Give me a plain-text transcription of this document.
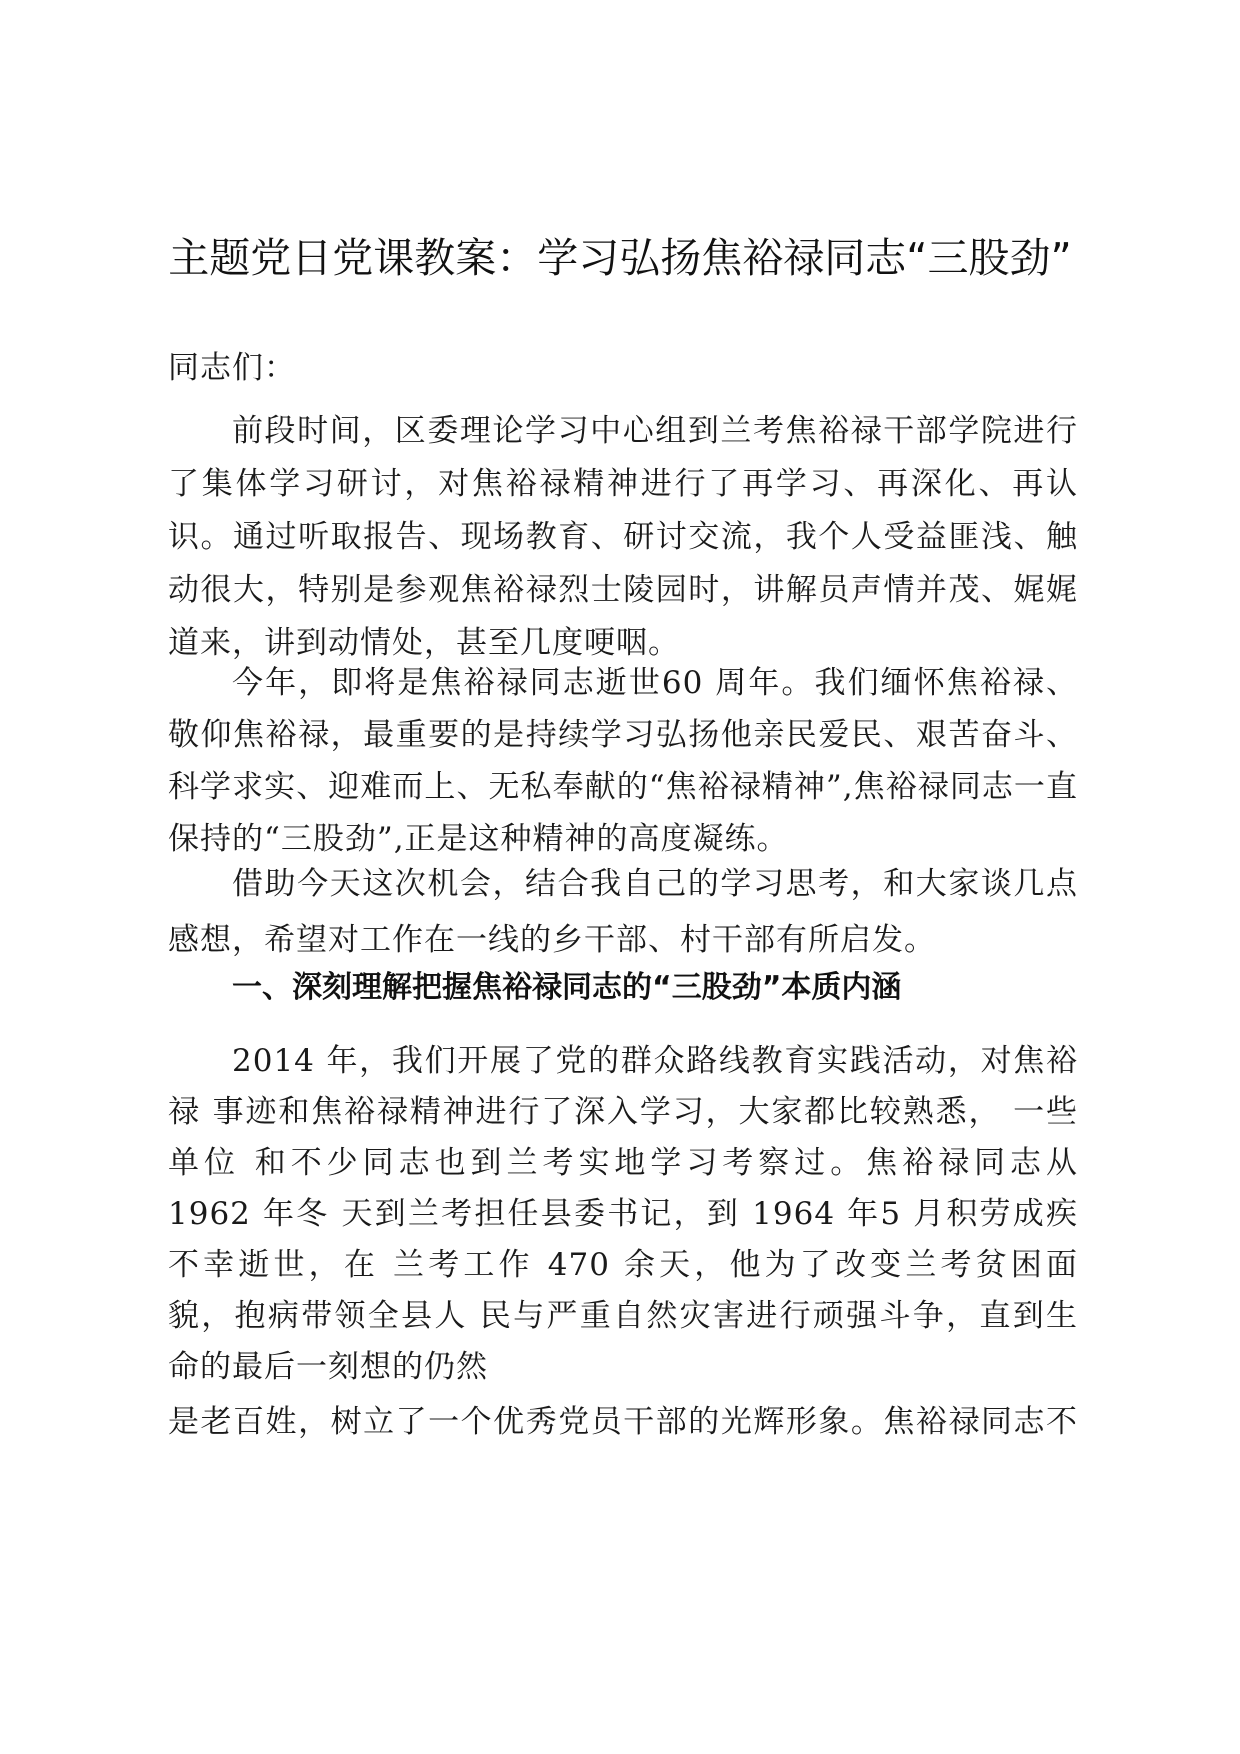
主题党日党课教案：学习弘扬焦裕禄同志“三股劲”
同志们：

前段时间，区委理论学习中心组到兰考焦裕禄干部学院进行了集体学习研讨，对焦裕禄精神进行了再学习、再深化、再认识。通过听取报告、现场教育、研讨交流，我个人受益匪浅、触动很大，特别是参观焦裕禄烈士陵园时，讲解员声情并茂、娓娓道来，讲到动情处，甚至几度哽咽。

今年，即将是焦裕禄同志逝世60 周年。我们缅怀焦裕禄、敬仰焦裕禄，最重要的是持续学习弘扬他亲民爱民、艰苦奋斗、科学求实、迎难而上、无私奉献的“焦裕禄精神”,焦裕禄同志一直保持的“三股劲”,正是这种精神的高度凝练。

借助今天这次机会，结合我自己的学习思考，和大家谈几点感想，希望对工作在一线的乡干部、村干部有所启发。

一、深刻理解把握焦裕禄同志的“三股劲”本质内涵
2014 年，我们开展了党的群众路线教育实践活动，对焦裕
禄 事迹和焦裕禄精神进行了深入学习，大家都比较熟悉， 一些
单位 和不少同志也到兰考实地学习考察过。焦裕禄同志从
1962 年冬 天到兰考担任县委书记，到 1964 年5 月积劳成疾
不幸逝世，在 兰考工作 470 余天，他为了改变兰考贫困面
貌，抱病带领全县人 民与严重自然灾害进行顽强斗争，直到生
命的最后一刻想的仍然
是老百姓，树立了一个优秀党员干部的光辉形象。焦裕禄同志不
